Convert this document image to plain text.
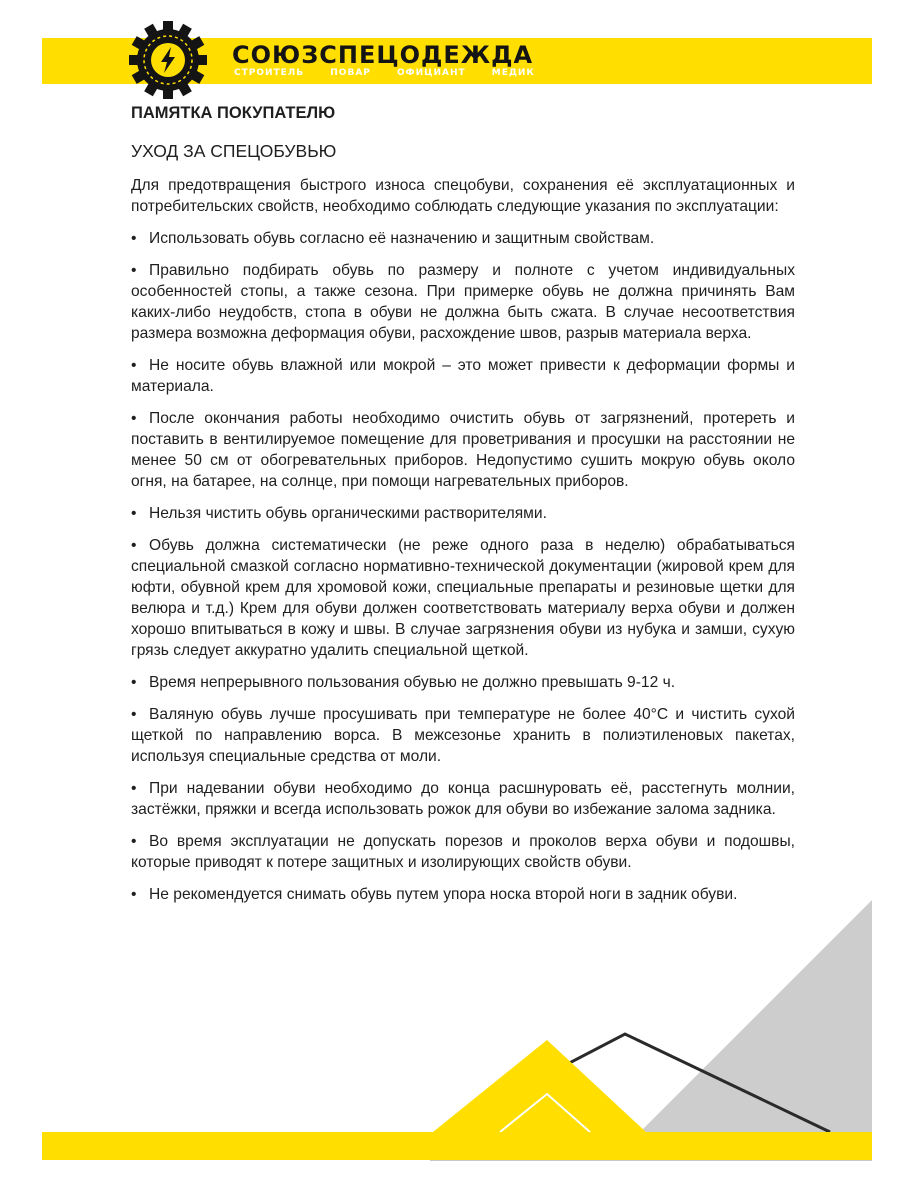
СОЮЗСПЕЦОДЕЖДА
СТРОИТЕЛЬ ПОВАР ОФИЦИАНТ МЕДИК
ПАМЯТКА ПОКУПАТЕЛЮ
УХОД ЗА СПЕЦОБУВЬЮ

Для предотвращения быстрого износа спецобуви, сохранения её эксплуатационных и потребительских свойств, необходимо соблюдать следующие указания по эксплуатации:

• Использовать обувь согласно её назначению и защитным свойствам.
• Правильно подбирать обувь по размеру и полноте с учетом индивидуальных особенностей стопы, а также сезона. При примерке обувь не должна причинять Вам каких-либо неудобств, стопа в обуви не должна быть сжата. В случае несоответствия размера возможна деформация обуви, расхождение швов, разрыв материала верха.
• Не носите обувь влажной или мокрой – это может привести к деформации формы и материала.
• После окончания работы необходимо очистить обувь от загрязнений, протереть и поставить в вентилируемое помещение для проветривания и просушки на расстоянии не менее 50 см от обогревательных приборов. Недопустимо сушить мокрую обувь около огня, на батарее, на солнце, при помощи нагревательных приборов.
• Нельзя чистить обувь органическими растворителями.
• Обувь должна систематически (не реже одного раза в неделю) обрабатываться специальной смазкой согласно нормативно-технической документации (жировой крем для юфти, обувной крем для хромовой кожи, специальные препараты и резиновые щетки для велюра и т.д.) Крем для обуви должен соответствовать материалу верха обуви и должен хорошо впитываться в кожу и швы. В случае загрязнения обуви из нубука и замши, сухую грязь следует аккуратно удалить специальной щеткой.
• Время непрерывного пользования обувью не должно превышать 9-12 ч.
• Валяную обувь лучше просушивать при температуре не более 40°С и чистить сухой щеткой по направлению ворса. В межсезонье хранить в полиэтиленовых пакетах, используя специальные средства от моли.
• При надевании обуви необходимо до конца расшнуровать её, расстегнуть молнии, застёжки, пряжки и всегда использовать рожок для обуви во избежание залома задника.
• Во время эксплуатации не допускать порезов и проколов верха обуви и подошвы, которые приводят к потере защитных и изолирующих свойств обуви.
• Не рекомендуется снимать обувь путем упора носка второй ноги в задник обуви.
